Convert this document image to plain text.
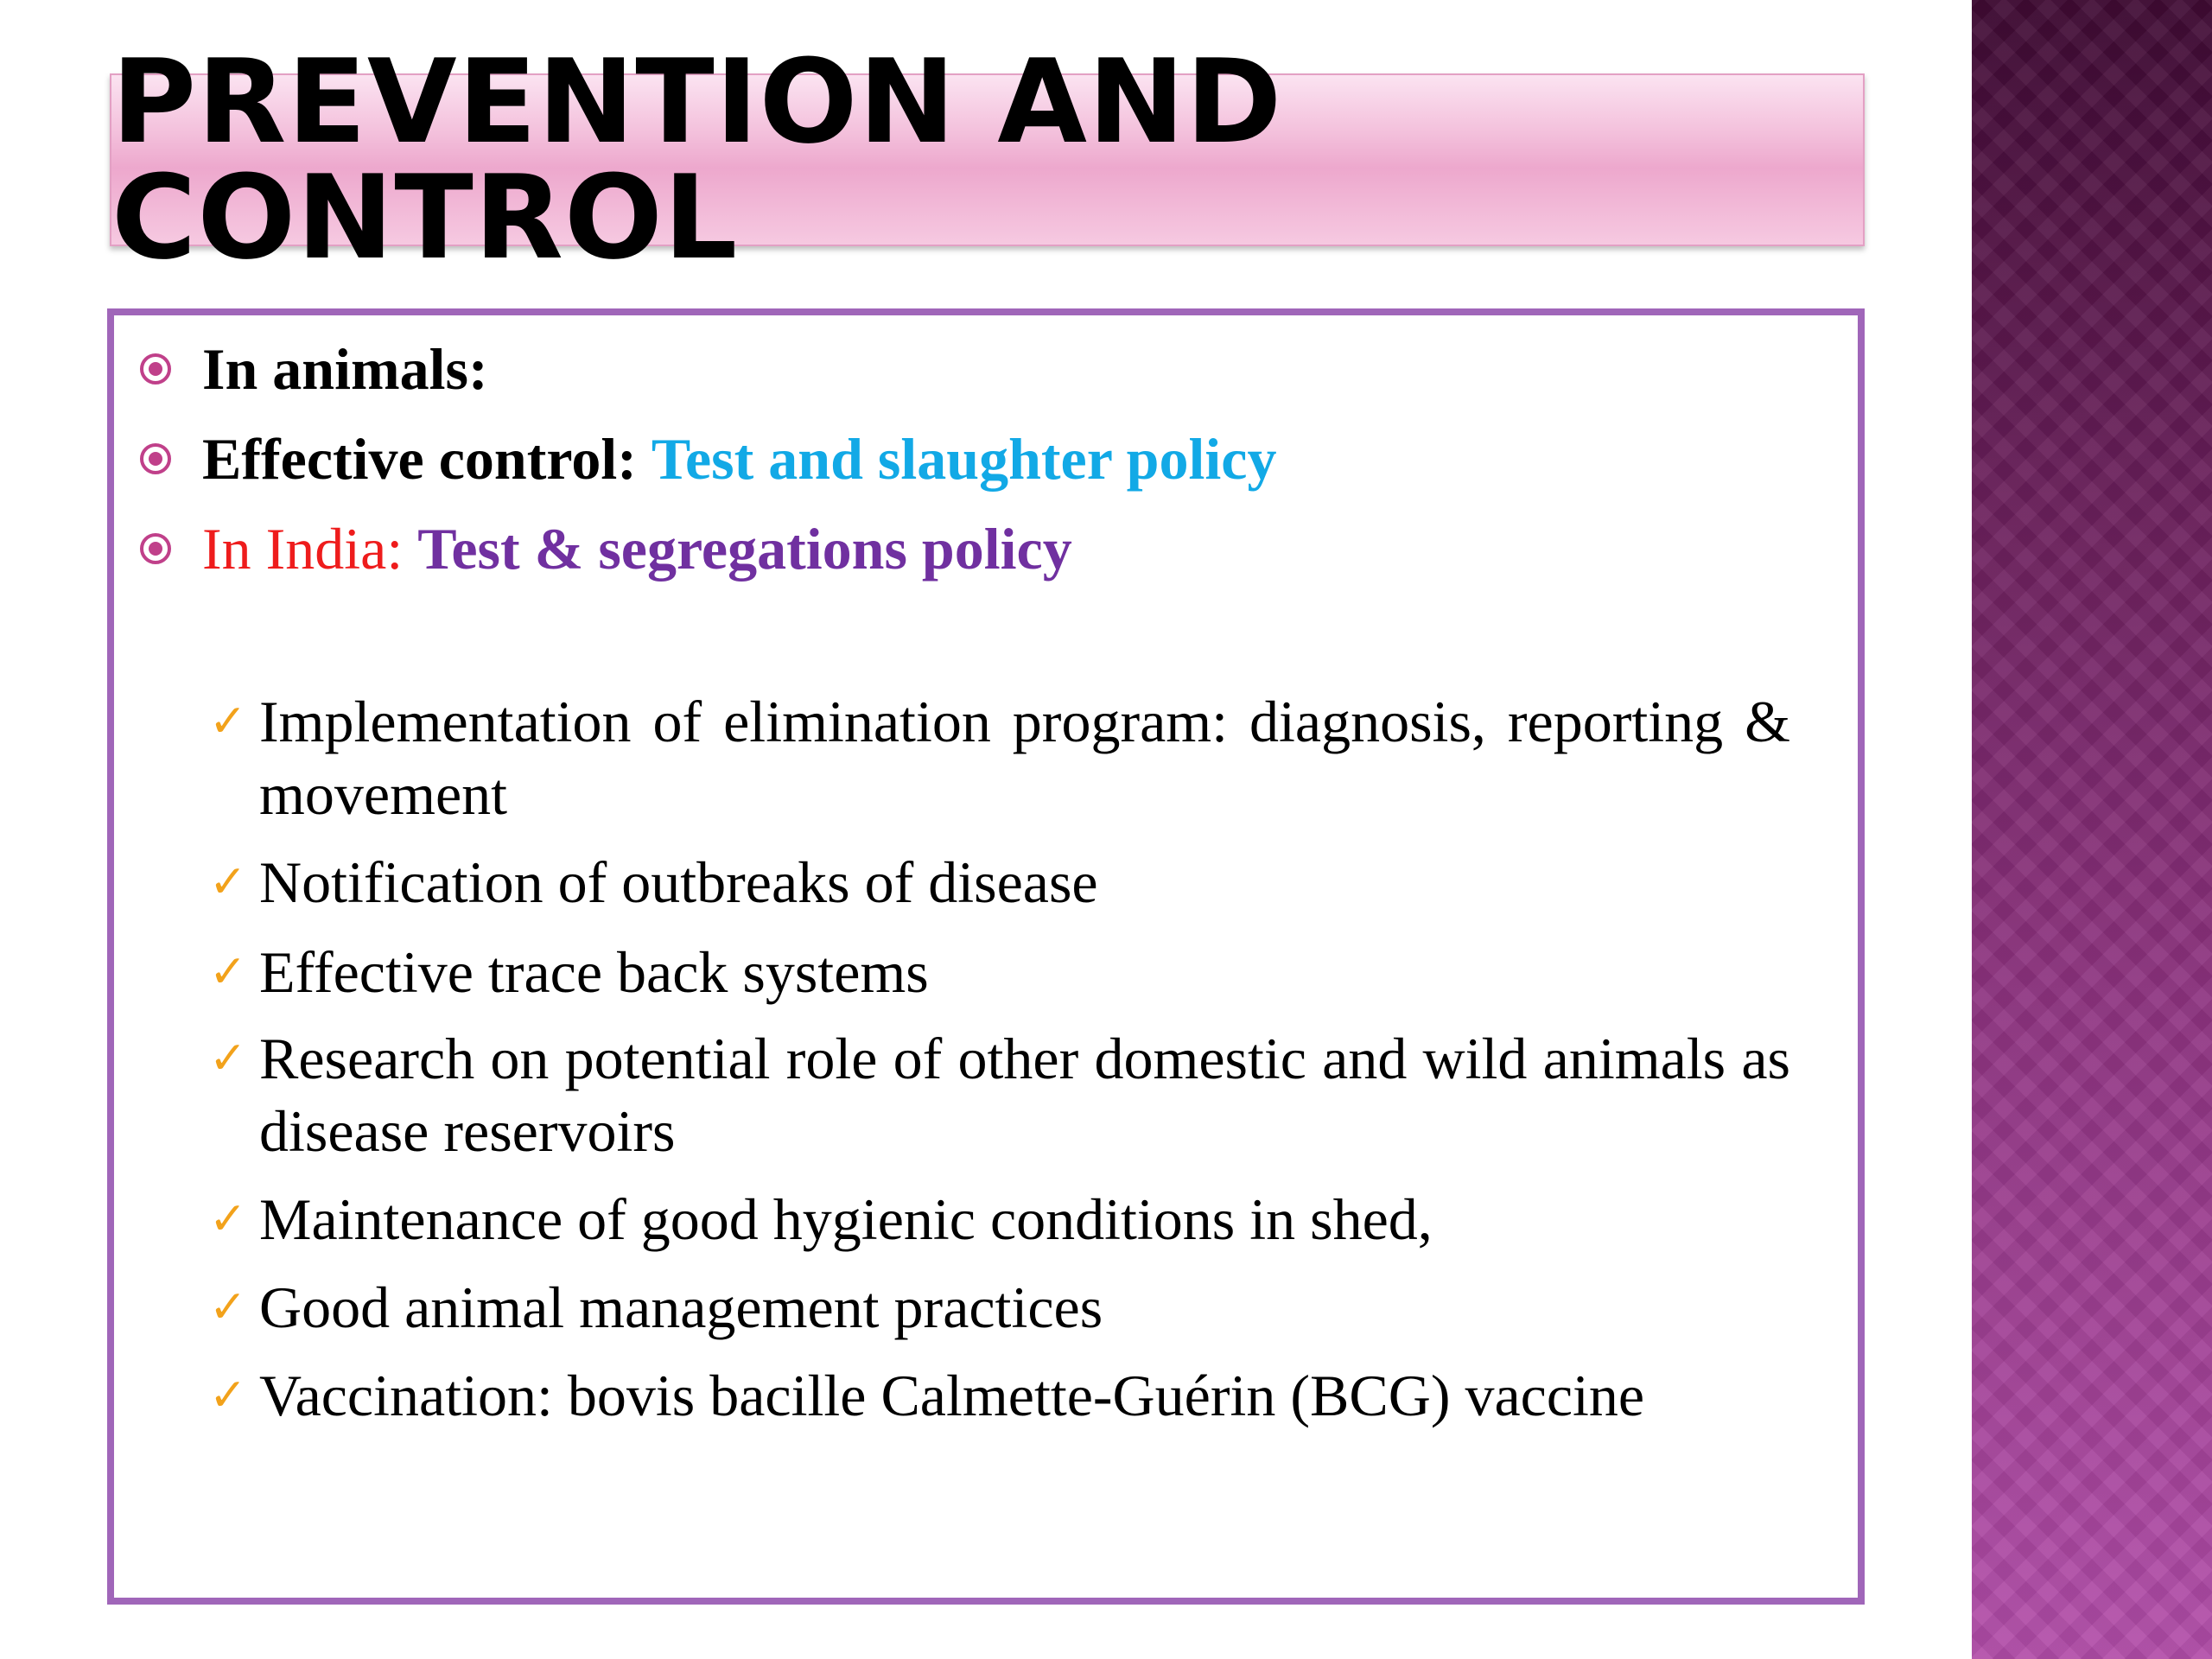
PREVENTION AND CONTROL
In animals:
Effective control:
Test and slaughter policy
In India:
Test & segregations policy
✓ Implementation of elimination program: diagnosis, reporting & movement
✓ Notification of outbreaks of disease
✓ Effective trace back systems
✓ Research on potential role of other domestic and wild animals as disease reservoirs
✓ Maintenance of good hygienic conditions in shed,
✓ Good animal management practices
✓ Vaccination: bovis bacille Calmette-Guérin (BCG) vaccine
